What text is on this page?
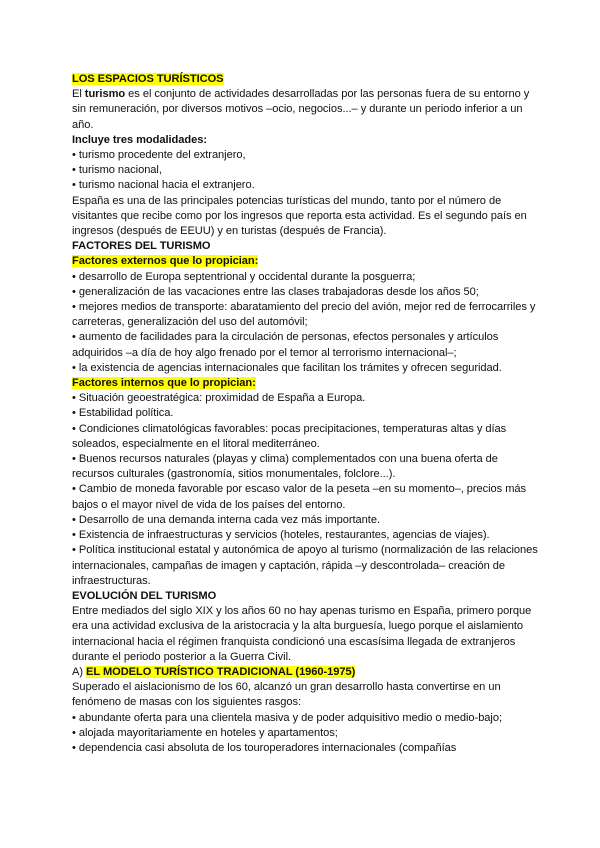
LOS ESPACIOS TURÍSTICOS

El turismo es el conjunto de actividades desarrolladas por las personas fuera de su entorno y sin remuneración, por diversos motivos –ocio, negocios...– y durante un periodo inferior a un año.

Incluye tres modalidades:

• turismo procedente del extranjero,

• turismo nacional,

• turismo nacional hacia el extranjero.

España es una de las principales potencias turísticas del mundo, tanto por el número de visitantes que recibe como por los ingresos que reporta esta actividad. Es el segundo país en ingresos (después de EEUU) y en turistas (después de Francia).

FACTORES DEL TURISMO

Factores externos que lo propician:

• desarrollo de Europa septentrional y occidental durante la posguerra;

• generalización de las vacaciones entre las clases trabajadoras desde los años 50;

• mejores medios de transporte: abaratamiento del precio del avión, mejor red de ferrocarriles y carreteras, generalización del uso del automóvil;

• aumento de facilidades para la circulación de personas, efectos personales y artículos adquiridos –a día de hoy algo frenado por el temor al terrorismo internacional–;

• la existencia de agencias internacionales que facilitan los trámites y ofrecen seguridad.

Factores internos que lo propician:

• Situación geoestratégica: proximidad de España a Europa.

• Estabilidad política.

• Condiciones climatológicas favorables: pocas precipitaciones, temperaturas altas y días soleados, especialmente en el litoral mediterráneo.

• Buenos recursos naturales (playas y clima) complementados con una buena oferta de recursos culturales (gastronomía, sitios monumentales, folclore...).

• Cambio de moneda favorable por escaso valor de la peseta –en su momento–, precios más bajos o el mayor nivel de vida de los países del entorno.

• Desarrollo de una demanda interna cada vez más importante.

• Existencia de infraestructuras y servicios (hoteles, restaurantes, agencias de viajes).

• Política institucional estatal y autonómica de apoyo al turismo (normalización de las relaciones internacionales, campañas de imagen y captación, rápida –y descontrolada– creación de infraestructuras.

EVOLUCIÓN DEL TURISMO

Entre mediados del siglo XIX y los años 60 no hay apenas turismo en España, primero porque era una actividad exclusiva de la aristocracia y la alta burguesía, luego porque el aislamiento internacional hacia el régimen franquista condicionó una escasísima llegada de extranjeros durante el periodo posterior a la Guerra Civil.

A) EL MODELO TURÍSTICO TRADICIONAL (1960-1975)

Superado el aislacionismo de los 60, alcanzó un gran desarrollo hasta convertirse en un fenómeno de masas con los siguientes rasgos:

• abundante oferta para una clientela masiva y de poder adquisitivo medio o medio-bajo;

• alojada mayoritariamente en hoteles y apartamentos;

• dependencia casi absoluta de los touroperadores internacionales (compañías
